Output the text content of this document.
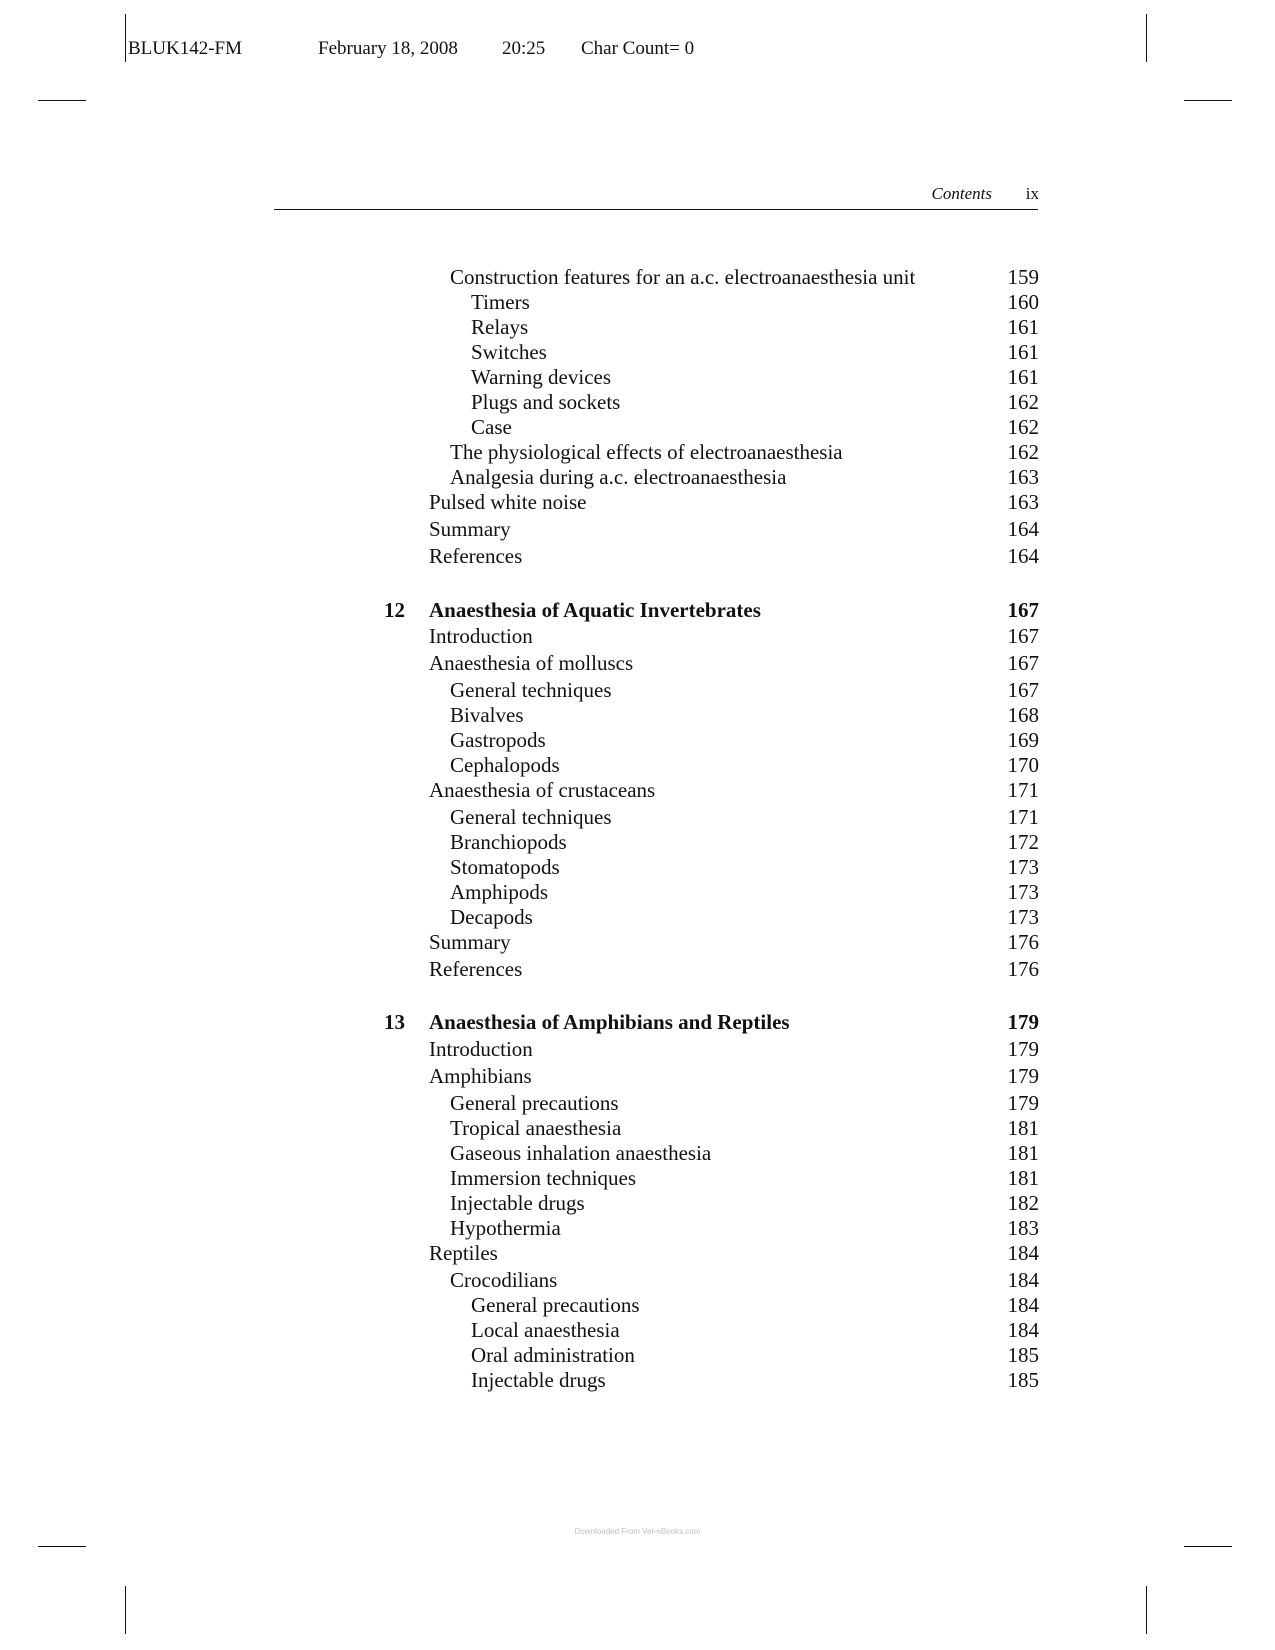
BLUK142-FM	February 18, 2008 20:25 Char Count= 0
Contents ix
Construction features for an a.c. electroanaesthesia unit	159
Timers	160
Relays	161
Switches	161
Warning devices	161
Plugs and sockets	162
Case	162
The physiological effects of electroanaesthesia	162
Analgesia during a.c. electroanaesthesia	163
Pulsed white noise	163
Summary	164
References	164
12 Anaesthesia of Aquatic Invertebrates	167
Introduction	167
Anaesthesia of molluscs	167
General techniques	167
Bivalves	168
Gastropods	169
Cephalopods	170
Anaesthesia of crustaceans	171
General techniques	171
Branchiopods	172
Stomatopods	173
Amphipods	173
Decapods	173
Summary	176
References	176
13 Anaesthesia of Amphibians and Reptiles	179
Introduction	179
Amphibians	179
General precautions	179
Tropical anaesthesia	181
Gaseous inhalation anaesthesia	181
Immersion techniques	181
Injectable drugs	182
Hypothermia	183
Reptiles	184
Crocodilians	184
General precautions	184
Local anaesthesia	184
Oral administration	185
Injectable drugs	185
Downloaded From Vet-eBooks.com
